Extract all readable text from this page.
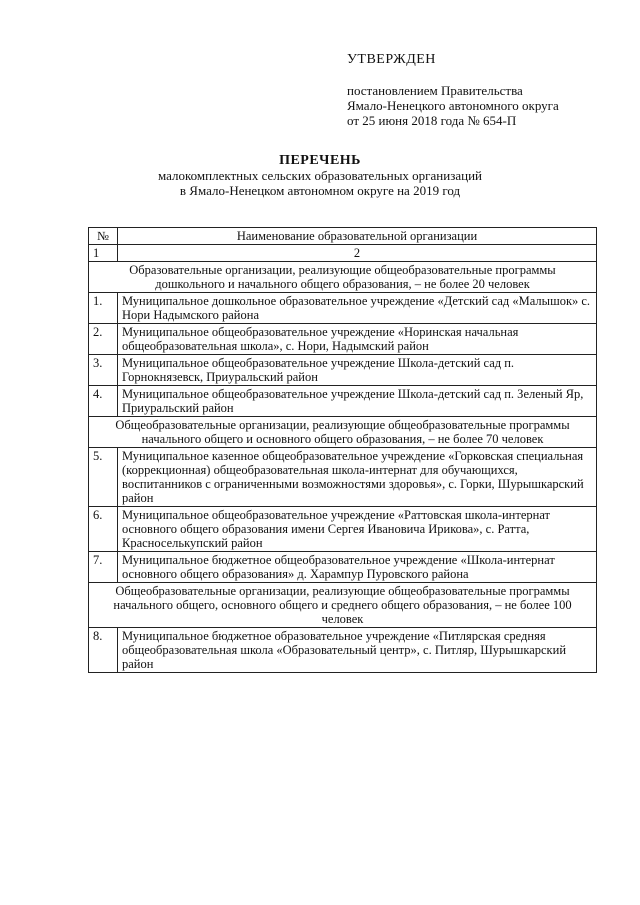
УТВЕРЖДЕН
постановлением Правительства
Ямало-Ненецкого автономного округа
от 25 июня 2018 года № 654-П
ПЕРЕЧЕНЬ
малокомплектных сельских образовательных организаций
в Ямало-Ненецком автономном округе на 2019 год
№	Наименование образовательной организации
1	2
Образовательные организации, реализующие общеобразовательные программы дошкольного и начального общего образования, – не более 20 человек	
1.	Муниципальное дошкольное образовательное учреждение «Детский сад «Малышок» с. Нори Надымского района
2.	Муниципальное общеобразовательное учреждение «Норинская начальная общеобразовательная школа», с. Нори, Надымский район
3.	Муниципальное общеобразовательное учреждение Школа-детский сад п. Горнокнязевск, Приуральский район
4.	Муниципальное общеобразовательное учреждение Школа-детский сад п. Зеленый Яр, Приуральский район
Общеобразовательные организации, реализующие общеобразовательные программы начального общего и основного общего образования, – не более 70 человек	
5.	Муниципальное казенное общеобразовательное учреждение «Горковская специальная (коррекционная) общеобразовательная школа-интернат для обучающихся, воспитанников с ограниченными возможностями здоровья», с. Горки, Шурышкарский район
6.	Муниципальное общеобразовательное учреждение «Раттовская школа-интернат основного общего образования имени Сергея Ивановича Ирикова», с. Ратта, Красноселькупский район
7.	Муниципальное бюджетное общеобразовательное учреждение «Школа-интернат основного общего образования» д. Харампур Пуровского района
Общеобразовательные организации, реализующие общеобразовательные программы начального общего, основного общего и среднего общего образования, – не более 100 человек	
8.	Муниципальное бюджетное образовательное учреждение «Питлярская средняя общеобразовательная школа «Образовательный центр», с. Питляр, Шурышкарский район
